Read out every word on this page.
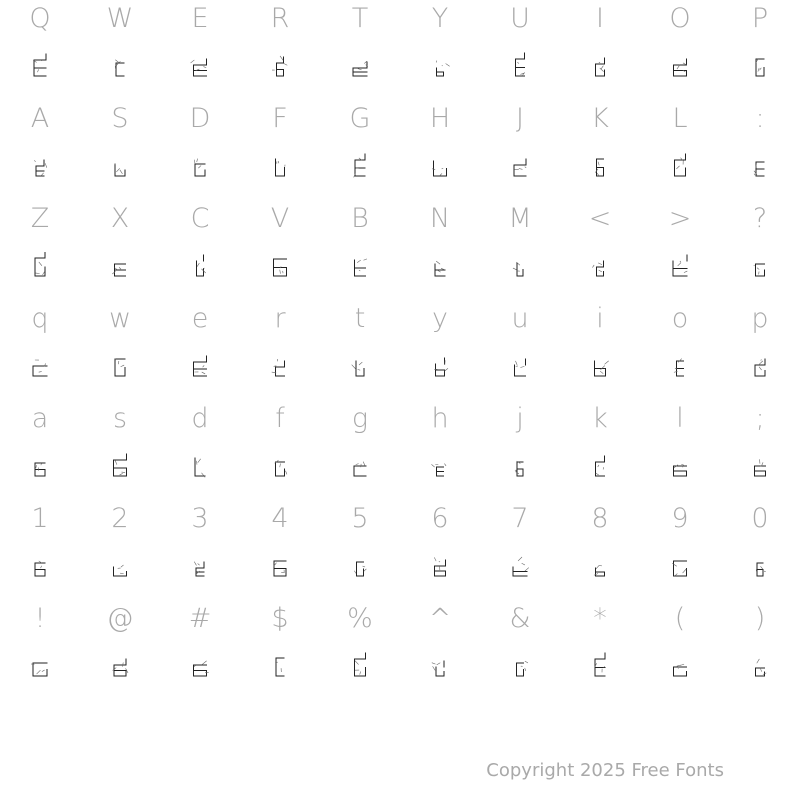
Q	W	E	R	T	Y	U	I	O	P
A	S	D	F	G	H	J	K	L	:
Z	X	C	V	B	N	M	<	>	?
q	w	e	r	t	y	u	i	o	p
a	s	d	f	g	h	j	k	l	;
1	2	3	4	5	6	7	8	9	0
!	@	#	$	%	^	&	*	(	)
Copyright 2025 Free Fonts
